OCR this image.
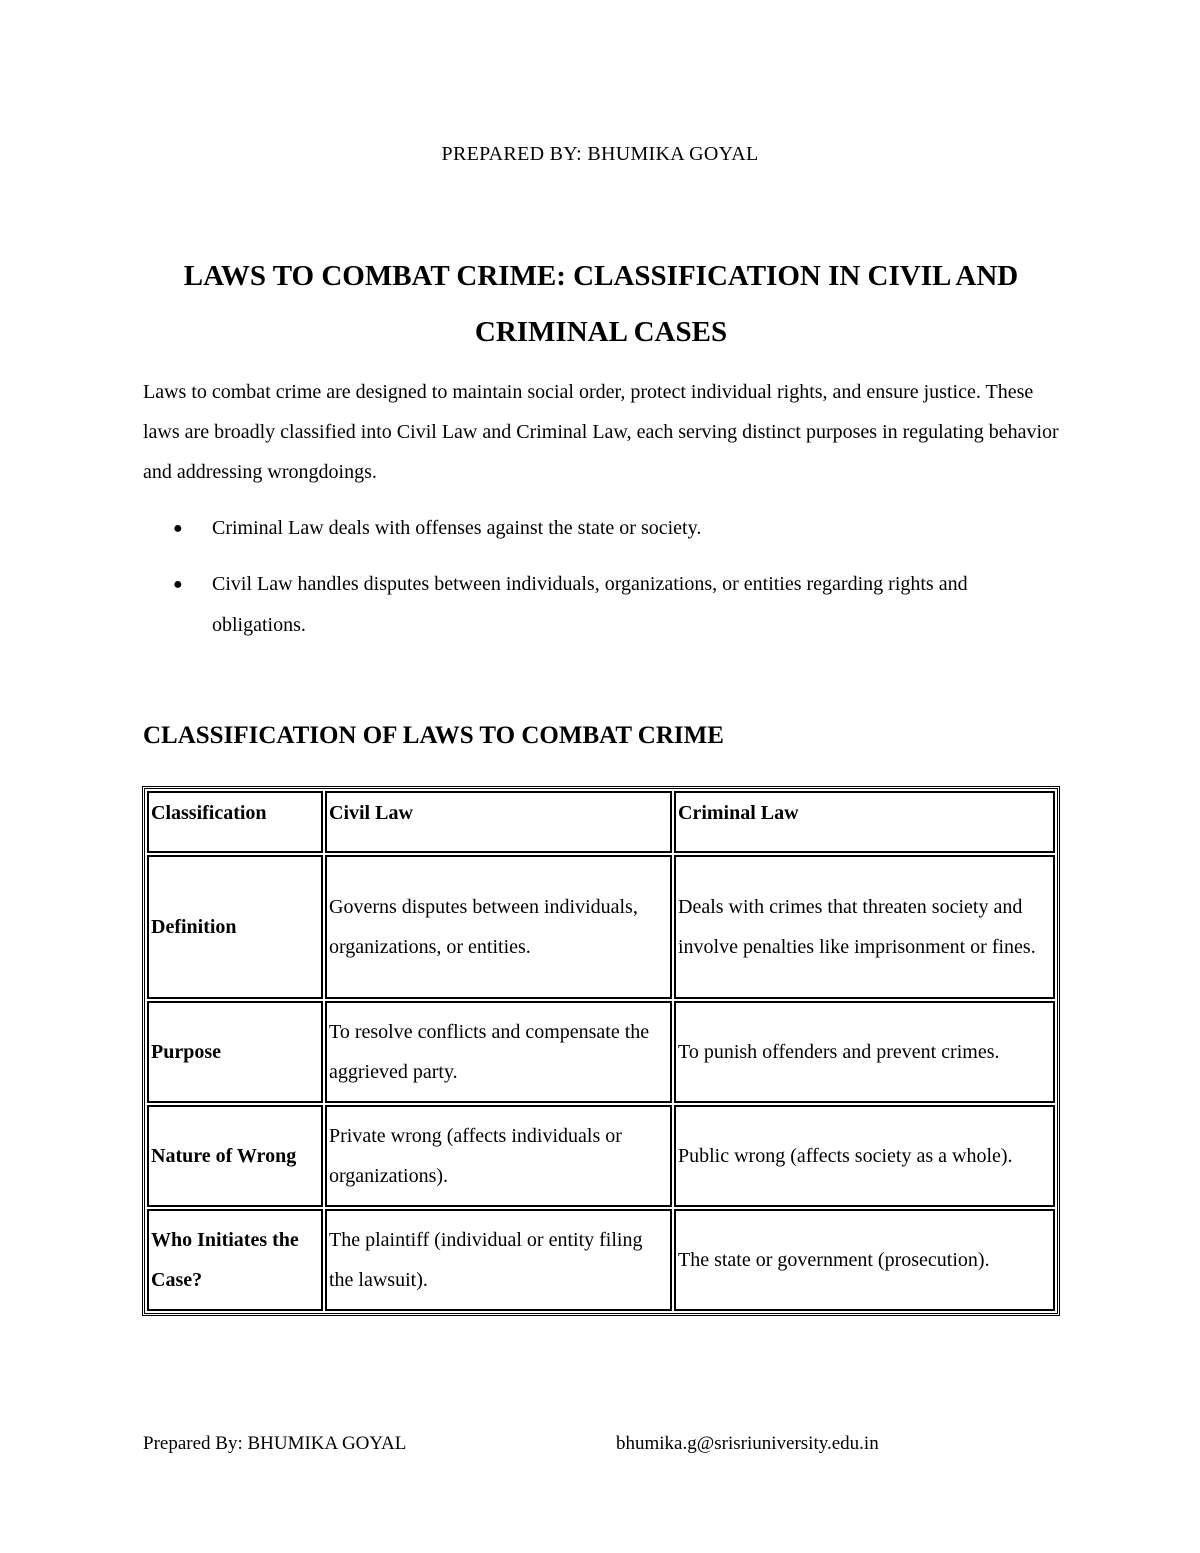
PREPARED BY: BHUMIKA GOYAL
LAWS TO COMBAT CRIME: CLASSIFICATION IN CIVIL AND
CRIMINAL CASES

Laws to combat crime are designed to maintain social order, protect individual rights, and ensure justice. These laws are broadly classified into Civil Law and Criminal Law, each serving distinct purposes in regulating behavior and addressing wrongdoings.

● Criminal Law deals with offenses against the state or society.
● Civil Law handles disputes between individuals, organizations, or entities regarding rights and obligations.
CLASSIFICATION OF LAWS TO COMBAT CRIME
Classification	Civil Law	Criminal Law
Definition	Governs disputes between individuals, organizations, or entities.	Deals with crimes that threaten society and involve penalties like imprisonment or fines.
Purpose	To resolve conflicts and compensate the aggrieved party.	To punish offenders and prevent crimes.
Nature of Wrong	Private wrong (affects individuals or organizations).	Public wrong (affects society as a whole).
Who Initiates the Case?	The plaintiff (individual or entity filing the lawsuit).	The state or government (prosecution).
Prepared By: BHUMIKA GOYAL	bhumika.g@srisriuniversity.edu.in
